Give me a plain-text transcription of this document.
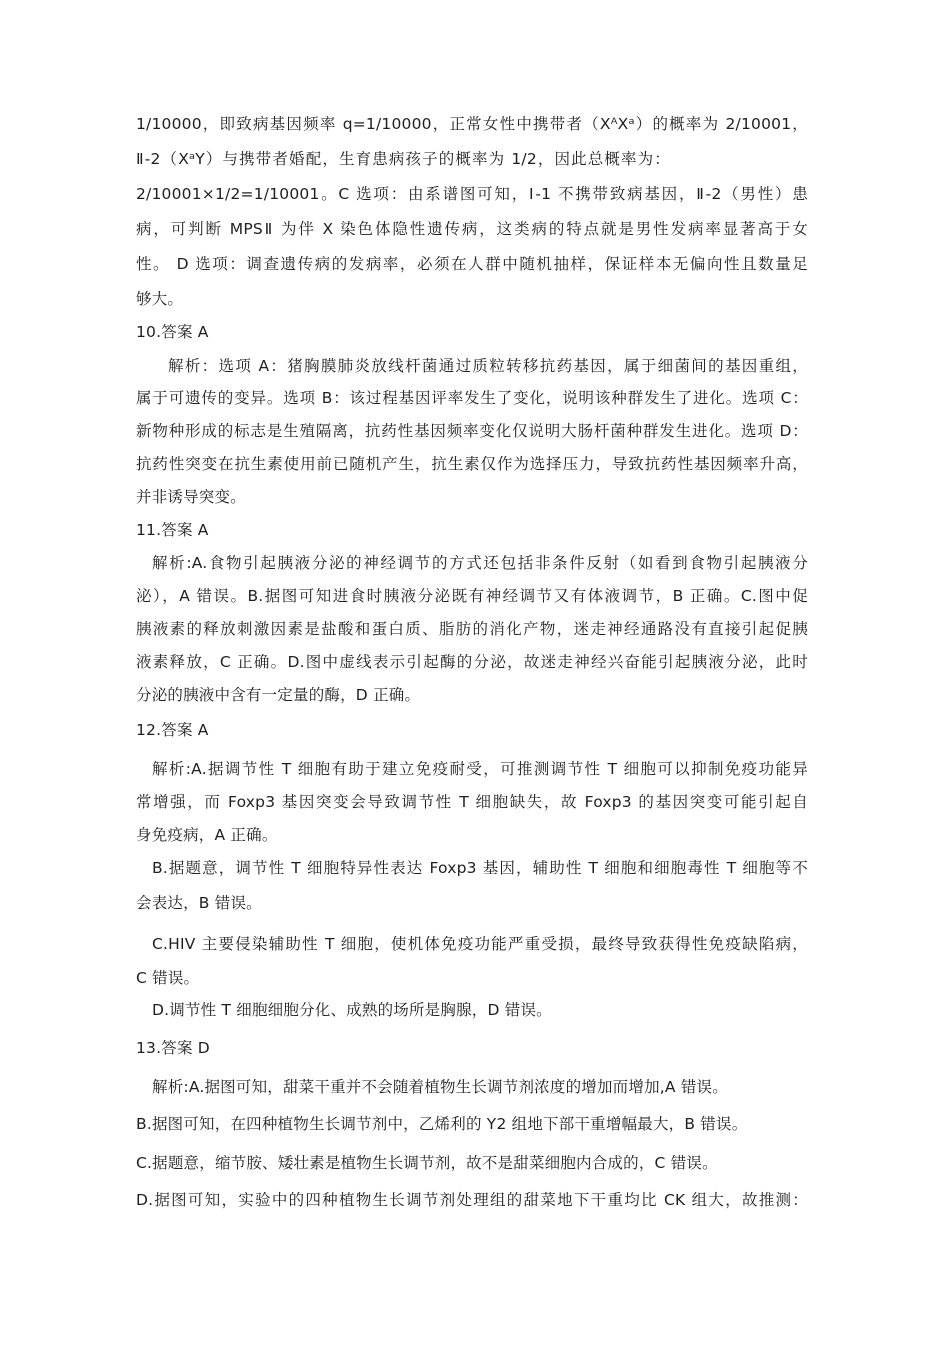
1/10000，即致病基因频率 q=1/10000，正常女性中携带者（XᴬXᵃ）的概率为 2/10001，
Ⅱ-2（XᵃY）与携带者婚配，生育患病孩子的概率为 1/2，因此总概率为：
2/10001×1/2=1/10001。C 选项：由系谱图可知，Ⅰ-1 不携带致病基因，Ⅱ-2（男性）患
病，可判断 MPSⅡ 为伴 X 染色体隐性遗传病，这类病的特点就是男性发病率显著高于女
性。 D 选项：调查遗传病的发病率，必须在人群中随机抽样，保证样本无偏向性且数量足
够大。
10.答案 A
解析：选项 A：猪胸膜肺炎放线杆菌通过质粒转移抗药基因，属于细菌间的基因重组，
属于可遗传的变异。选项 B：该过程基因评率发生了变化，说明该种群发生了进化。选项 C：
新物种形成的标志是生殖隔离，抗药性基因频率变化仅说明大肠杆菌种群发生进化。选项 D：
抗药性突变在抗生素使用前已随机产生，抗生素仅作为选择压力，导致抗药性基因频率升高，
并非诱导突变。
11.答案 A
解析:A.食物引起胰液分泌的神经调节的方式还包括非条件反射（如看到食物引起胰液分
泌），A 错误。B.据图可知进食时胰液分泌既有神经调节又有体液调节，B 正确。C.图中促
胰液素的释放刺激因素是盐酸和蛋白质、脂肪的消化产物，迷走神经通路没有直接引起促胰
液素释放，C 正确。D.图中虚线表示引起酶的分泌，故迷走神经兴奋能引起胰液分泌，此时
分泌的胰液中含有一定量的酶，D 正确。
12.答案 A
解析:A.据调节性 T 细胞有助于建立免疫耐受，可推测调节性 T 细胞可以抑制免疫功能异
常增强，而 Foxp3 基因突变会导致调节性 T 细胞缺失，故 Foxp3 的基因突变可能引起自
身免疫病，A 正确。
B.据题意，调节性 T 细胞特异性表达 Foxp3 基因，辅助性 T 细胞和细胞毒性 T 细胞等不
会表达，B 错误。
C.HIV 主要侵染辅助性 T 细胞，使机体免疫功能严重受损，最终导致获得性免疫缺陷病，
C 错误。
D.调节性 T 细胞细胞分化、成熟的场所是胸腺，D 错误。
13.答案 D
解析:A.据图可知，甜菜干重并不会随着植物生长调节剂浓度的增加而增加,A 错误。
B.据图可知，在四种植物生长调节剂中，乙烯利的 Y2 组地下部干重增幅最大，B 错误。
C.据题意，缩节胺、矮壮素是植物生长调节剂，故不是甜菜细胞内合成的，C 错误。
D.据图可知，实验中的四种植物生长调节剂处理组的甜菜地下干重均比 CK 组大，故推测：
